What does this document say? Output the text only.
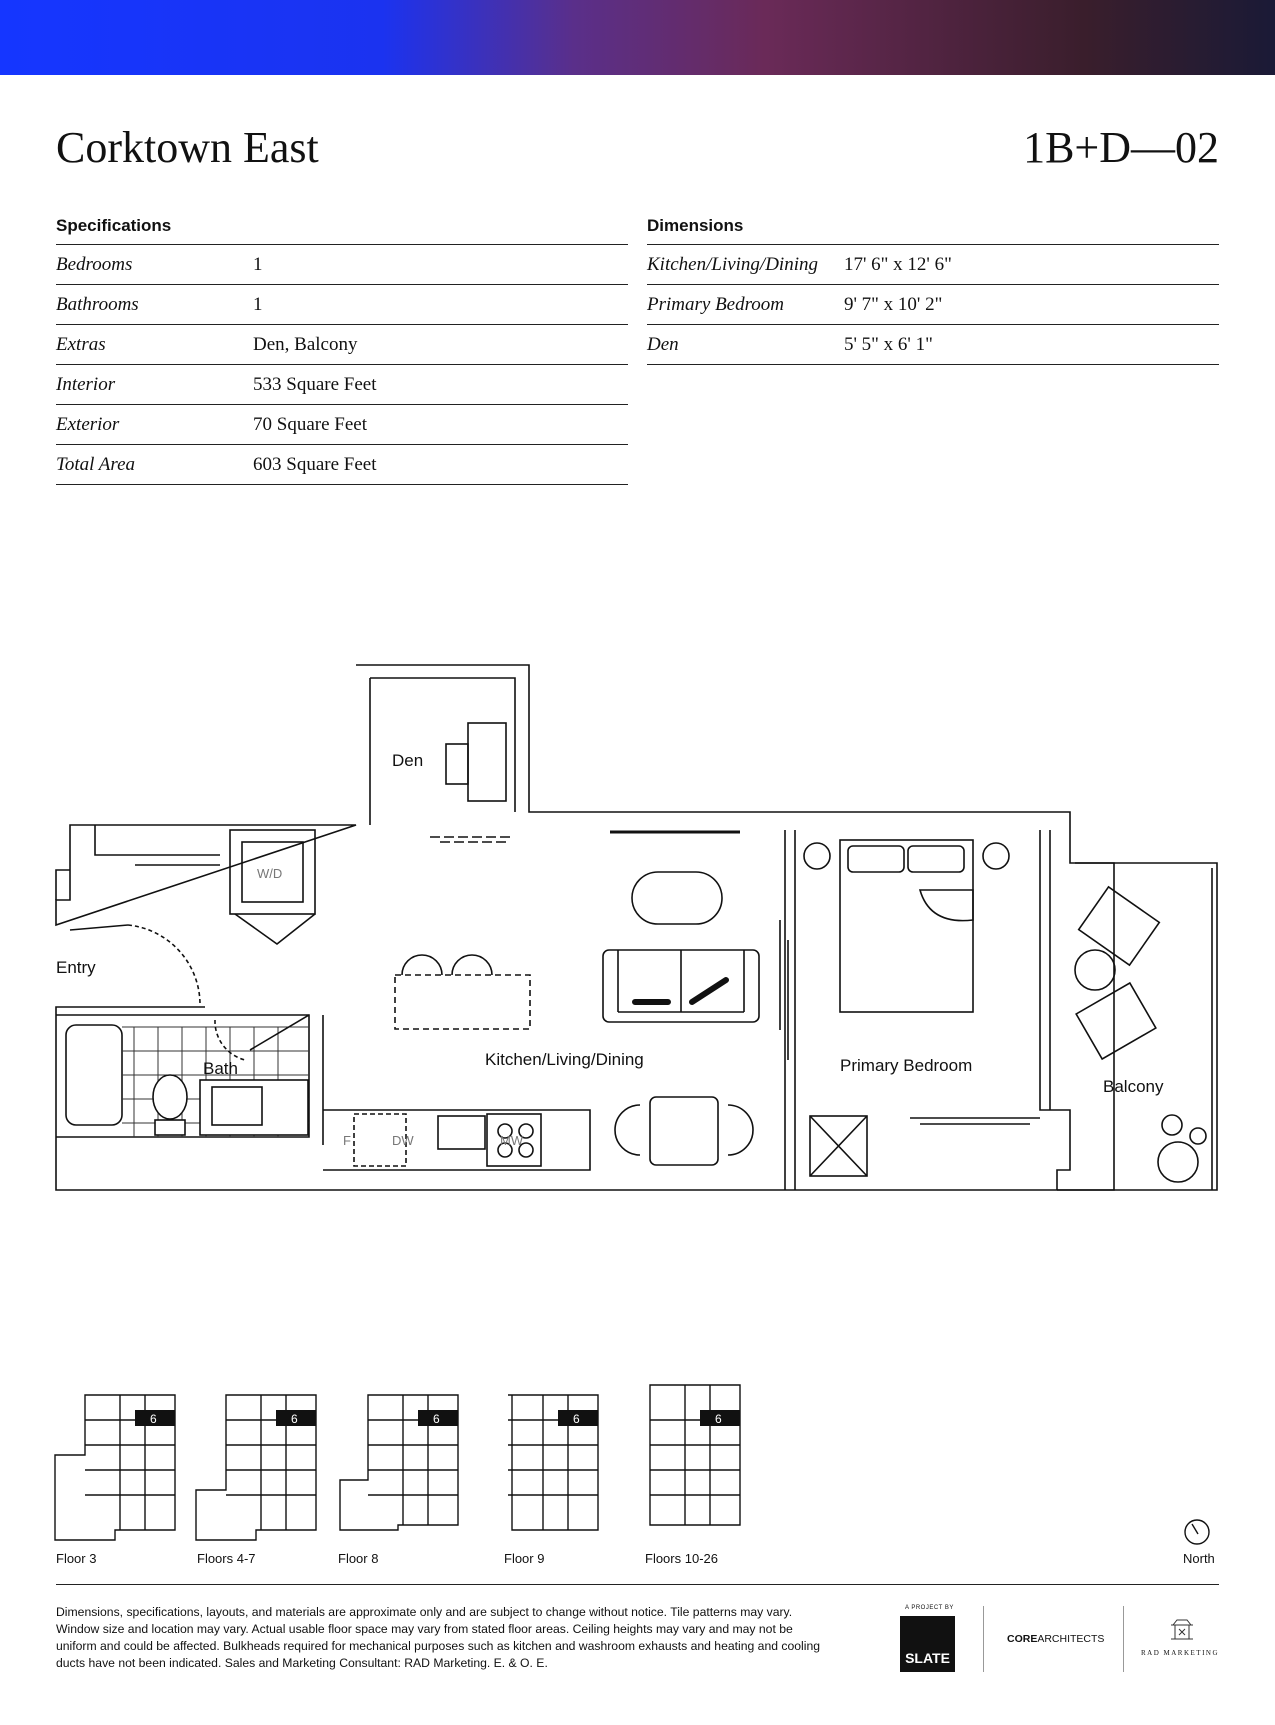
Corktown East	1B+D—02
Specifications
Bedrooms	1
Bathrooms	1
Extras	Den, Balcony
Interior	533 Square Feet
Exterior	70 Square Feet
Total Area	603 Square Feet
Dimensions
Kitchen/Living/Dining	17' 6" x 12' 6"
Primary Bedroom	9' 7" x 10' 2"
Den	5' 5" x 6' 1"
Den
Entry
Bath	Kitchen/Living/Dining	Primary Bedroom
Balcony
W/D
F	DW	MW
6	6	6	6	6
Floor 3	Floors 4-7	Floor 8	Floor 9	Floors 10-26	North
Dimensions, specifications, layouts, and materials are approximate only and are subject to change without notice. Tile patterns may vary. Window size and location may vary. Actual usable floor space may vary from stated floor areas. Ceiling heights may vary and may not be uniform and could be affected. Bulkheads required for mechanical purposes such as kitchen and washroom exhausts and heating and cooling ducts have not been indicated. Sales and Marketing Consultant: RAD Marketing. E. & O. E.
A PROJECT BY
SLATE
COREARCHITECTS
RAD MARKETING
